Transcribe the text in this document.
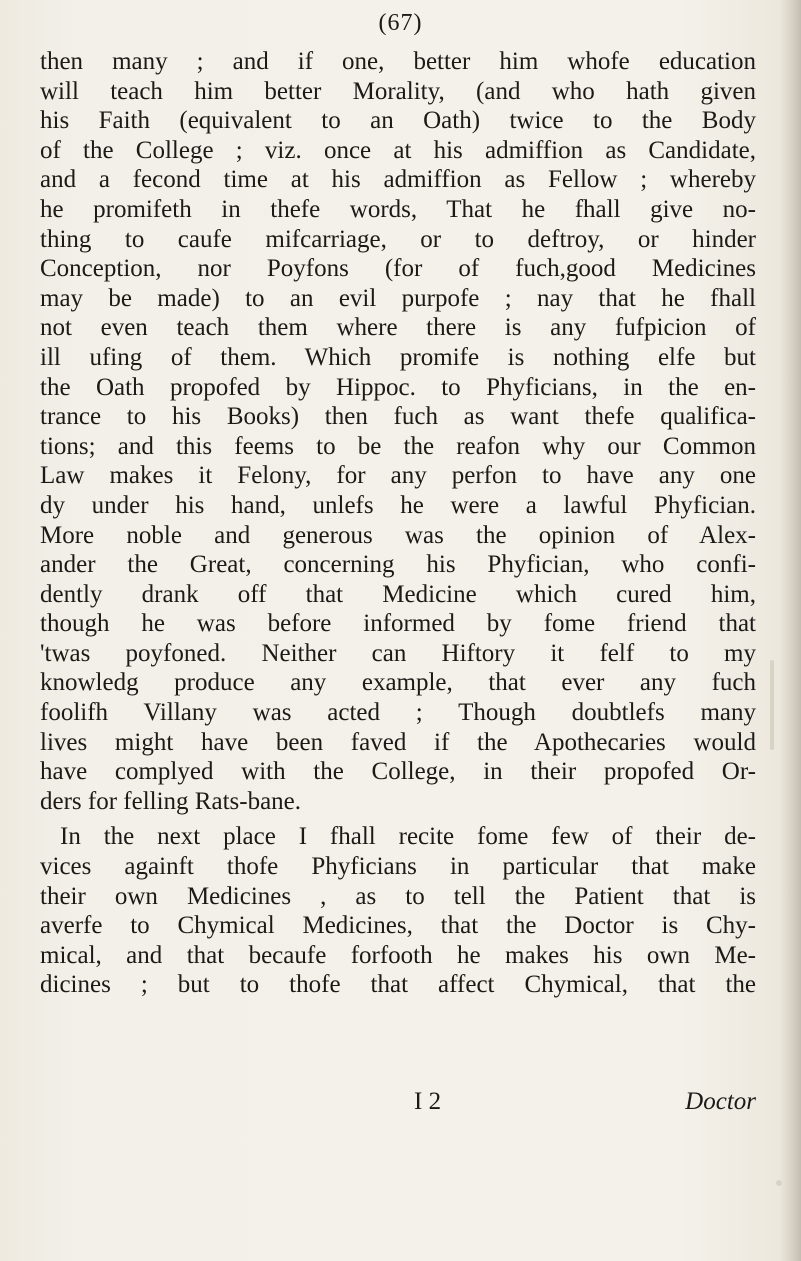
(67)
then many ; and if one, better him whofe education
will teach him better Morality, (and who hath given
his Faith (equivalent to an Oath) twice to the Body
of the College ; viz. once at his admiffion as Candidate,
and a fecond time at his admiffion as Fellow ; whereby
he promifeth in thefe words, That he fhall give no-
thing to caufe mifcarriage, or to deftroy, or hinder
Conception, nor Poyfons (for of fuch,good Medicines
may be made) to an evil purpofe ; nay that he fhall
not even teach them where there is any fufpicion of
ill ufing of them. Which promife is nothing elfe but
the Oath propofed by Hippoc. to Phyficians, in the en-
trance to his Books) then fuch as want thefe qualifica-
tions; and this feems to be the reafon why our Common
Law makes it Felony, for any perfon to have any one
dy under his hand, unlefs he were a lawful Phyfician.
More noble and generous was the opinion of Alex-
ander the Great, concerning his Phyfician, who confi-
dently drank off that Medicine which cured him,
though he was before informed by fome friend that
'twas poyfoned. Neither can Hiftory it felf to my
knowledg produce any example, that ever any fuch
foolifh Villany was acted ; Though doubtlefs many
lives might have been faved if the Apothecaries would
have complyed with the College, in their propofed Or-
ders for felling Rats-bane.
In the next place I fhall recite fome few of their de-
vices againft thofe Phyficians in particular that make
their own Medicines , as to tell the Patient that is
averfe to Chymical Medicines, that the Doctor is Chy-
mical, and that becaufe forfooth he makes his own Me-
dicines ; but to thofe that affect Chymical, that the
I 2	Doctor
